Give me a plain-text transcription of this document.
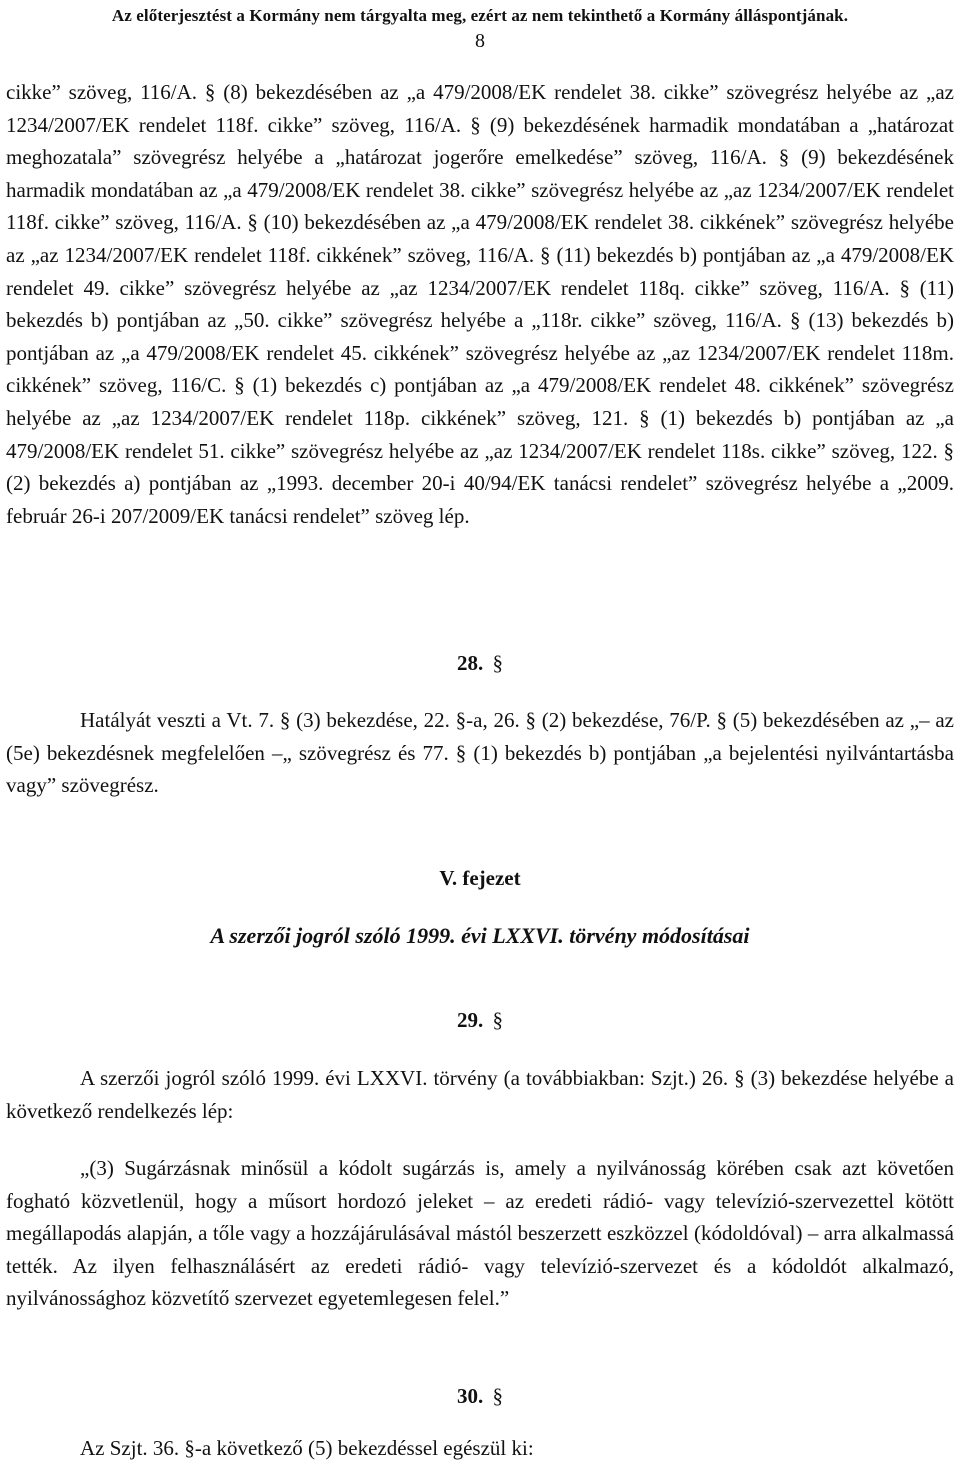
Az előterjesztést a Kormány nem tárgyalta meg, ezért az nem tekinthető a Kormány álláspontjának.
8
cikke” szöveg, 116/A. § (8) bekezdésében az „a 479/2008/EK rendelet 38. cikke” szövegrész helyébe az „az 1234/2007/EK rendelet 118f. cikke” szöveg, 116/A. § (9) bekezdésének harmadik mondatában a „határozat meghozatala” szövegrész helyébe a „határozat jogerőre emelkedése” szöveg, 116/A. § (9) bekezdésének harmadik mondatában az „a 479/2008/EK rendelet 38. cikke” szövegrész helyébe az „az 1234/2007/EK rendelet 118f. cikke” szöveg, 116/A. § (10) bekezdésében az „a 479/2008/EK rendelet 38. cikkének” szövegrész helyébe az „az 1234/2007/EK rendelet 118f. cikkének” szöveg, 116/A. § (11) bekezdés b) pontjában az „a 479/2008/EK rendelet 49. cikke” szövegrész helyébe az „az 1234/2007/EK rendelet 118q. cikke” szöveg, 116/A. § (11) bekezdés b) pontjában az „50. cikke” szövegrész helyébe a „118r. cikke” szöveg, 116/A. § (13) bekezdés b) pontjában az „a 479/2008/EK rendelet 45. cikkének” szövegrész helyébe az „az 1234/2007/EK rendelet 118m. cikkének” szöveg, 116/C. § (1) bekezdés c) pontjában az „a 479/2008/EK rendelet 48. cikkének” szövegrész helyébe az „az 1234/2007/EK rendelet 118p. cikkének” szöveg, 121. § (1) bekezdés b) pontjában az „a 479/2008/EK rendelet 51. cikke” szövegrész helyébe az „az 1234/2007/EK rendelet 118s. cikke” szöveg, 122. § (2) bekezdés a) pontjában az „1993. december 20-i 40/94/EK tanácsi rendelet” szövegrész helyébe a „2009. február 26-i 207/2009/EK tanácsi rendelet” szöveg lép.
28. §
Hatályát veszti a Vt. 7. § (3) bekezdése, 22. §-a, 26. § (2) bekezdése, 76/P. § (5) bekezdésében az „– az (5e) bekezdésnek megfelelően –„ szövegrész és 77. § (1) bekezdés b) pontjában „a bejelentési nyilvántartásba vagy” szövegrész.
V. fejezet
A szerzői jogról szóló 1999. évi LXXVI. törvény módosításai
29. §
A szerzői jogról szóló 1999. évi LXXVI. törvény (a továbbiakban: Szjt.) 26. § (3) bekezdése helyébe a következő rendelkezés lép:
„(3) Sugárzásnak minősül a kódolt sugárzás is, amely a nyilvánosság körében csak azt követően fogható közvetlenül, hogy a műsort hordozó jeleket – az eredeti rádió- vagy televízió-szervezettel kötött megállapodás alapján, a tőle vagy a hozzájárulásával mástól beszerzett eszközzel (kódoldóval) – arra alkalmassá tették. Az ilyen felhasználásért az eredeti rádió- vagy televízió-szervezet és a kódoldót alkalmazó, nyilvánossághoz közvetítő szervezet egyetemlegesen felel.”
30. §
Az Szjt. 36. §-a következő (5) bekezdéssel egészül ki:
